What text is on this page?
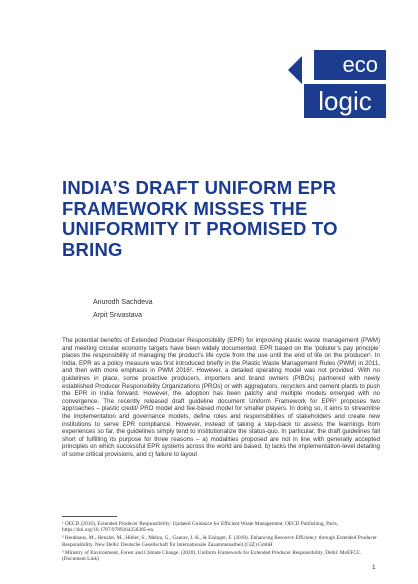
eco
logic
INDIA’S DRAFT UNIFORM EPR FRAMEWORK MISSES THE UNIFORMITY IT PROMISED TO BRING
Anurodh Sachdeva
Arpit Srivastava

The potential benefits of Extended Producer Responsibility (EPR) for improving plastic waste management (PWM) and meeting circular economy targets have been widely documented. EPR based on the ‘polluter’s pay principle’ places the responsibility of managing the product’s life cycle from the use until the end of life on the producer¹. In India, EPR as a policy measure was first introduced briefly in the Plastic Waste Management Rules (PWM) in 2011, and then with more emphasis in PWM 2016². However, a detailed operating model was not provided. With no guidelines in place, some proactive producers, importers and brand owners (PIBOs) partnered with newly established Producer Responsibility Organizations (PROs) or with aggregators, recyclers and cement plants to push the EPR in India forward. However, the adoption has been patchy and multiple models emerged with no convergence. The recently released draft guideline document Uniform Framework for EPR³ proposes two approaches – plastic credit/ PRO model and fee-based model for smaller players. In doing so, it aims to streamline the implementation and governance models, define roles and responsibilities of stakeholders and create new institutions to serve EPR compliance. However, instead of taking a step-back to assess the learnings from experiences so far, the guidelines simply tend to institutionalize the status-quo. In particular, the draft guidelines fall short of fulfilling its purpose for three reasons – a) modalities proposed are not in line with generally accepted principles on which successful EPR systems across the world are based, b) lacks the implementation-level detailing of some critical provisions, and c) failure to layout

¹ OECD (2016), Extended Producer Responsibility: Updated Guidance for Efficient Waste Management, OECD Publishing, Paris, https://doi.org/10.1787/9789264256385-en.
² Henkhaus, M., Henzler, M., Hibler, S., Mehra, G., Gaurav, J. K., & Eisinger, F. (2018). Enhancing Resource Efficiency through Extended Producer Responsibility. New Delhi: Deutsche Gesellschaft für Internationale Zusammenarbeit (GIZ) GmbH
³ Ministry of Environment, Forest and Climate Change. (2020). Uniform Framework for Extended Producer Responsibility. Delhi: MoEFCC. (Document Link)
1
